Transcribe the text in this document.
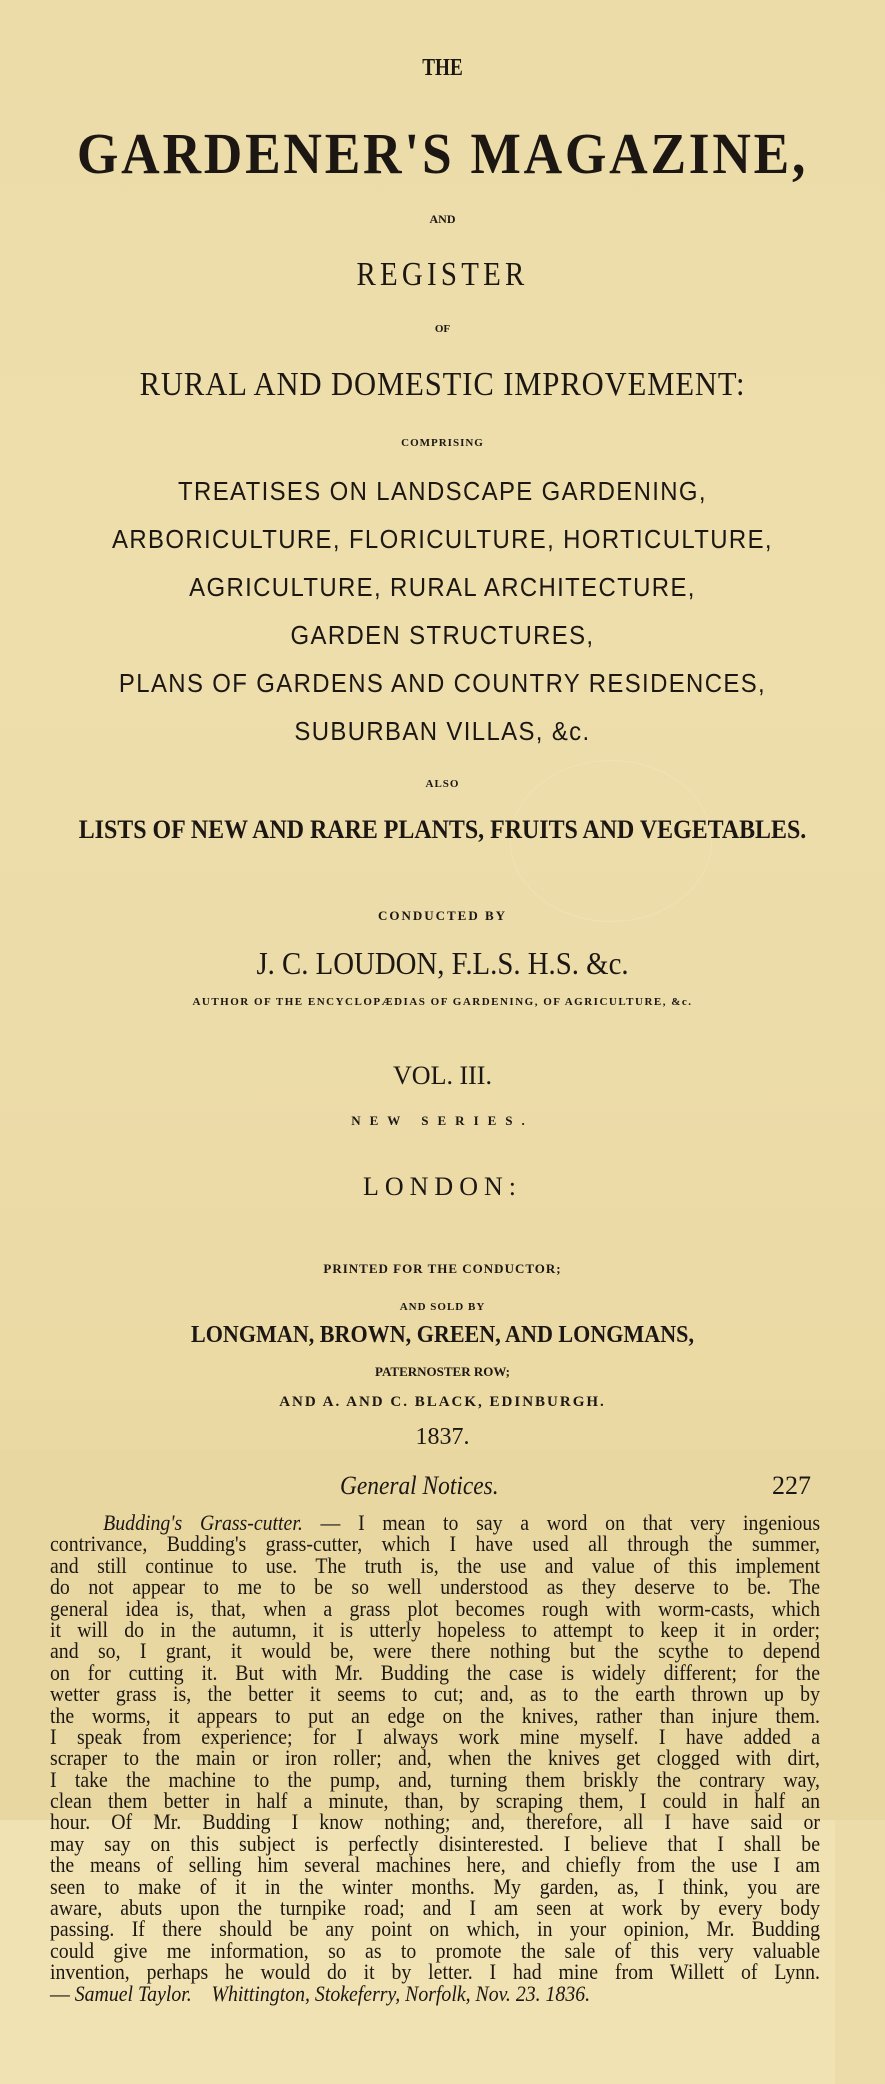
THE
GARDENER'S MAGAZINE,
AND
REGISTER
OF
RURAL AND DOMESTIC IMPROVEMENT:
COMPRISING
TREATISES ON LANDSCAPE GARDENING,
ARBORICULTURE, FLORICULTURE, HORTICULTURE,
AGRICULTURE, RURAL ARCHITECTURE,
GARDEN STRUCTURES,
PLANS OF GARDENS AND COUNTRY RESIDENCES,
SUBURBAN VILLAS, &c.
ALSO
LISTS OF NEW AND RARE PLANTS, FRUITS AND VEGETABLES.
CONDUCTED BY
J. C. LOUDON, F.L.S. H.S. &c.
AUTHOR OF THE ENCYCLOPÆDIAS OF GARDENING, OF AGRICULTURE, &c.
VOL. III.
NEW SERIES.
LONDON:
PRINTED FOR THE CONDUCTOR;
AND SOLD BY
LONGMAN, BROWN, GREEN, AND LONGMANS,
PATERNOSTER ROW;
AND A. AND C. BLACK, EDINBURGH.
1837.
General Notices.	227
Budding's Grass-cutter. — I mean to say a word on that very ingenious
contrivance, Budding's grass-cutter, which I have used all through the summer,
and still continue to use. The truth is, the use and value of this implement
do not appear to me to be so well understood as they deserve to be. The
general idea is, that, when a grass plot becomes rough with worm-casts, which
it will do in the autumn, it is utterly hopeless to attempt to keep it in order;
and so, I grant, it would be, were there nothing but the scythe to depend
on for cutting it. But with Mr. Budding the case is widely different; for the
wetter grass is, the better it seems to cut; and, as to the earth thrown up by
the worms, it appears to put an edge on the knives, rather than injure them.
I speak from experience; for I always work mine myself. I have added a
scraper to the main or iron roller; and, when the knives get clogged with dirt,
I take the machine to the pump, and, turning them briskly the contrary way,
clean them better in half a minute, than, by scraping them, I could in half an
hour. Of Mr. Budding I know nothing; and, therefore, all I have said or
may say on this subject is perfectly disinterested. I believe that I shall be
the means of selling him several machines here, and chiefly from the use I am
seen to make of it in the winter months. My garden, as, I think, you are
aware, abuts upon the turnpike road; and I am seen at work by every body
passing. If there should be any point on which, in your opinion, Mr. Budding
could give me information, so as to promote the sale of this very valuable
invention, perhaps he would do it by letter. I had mine from Willett of Lynn.
— Samuel Taylor. Whittington, Stokeferry, Norfolk, Nov. 23. 1836.
